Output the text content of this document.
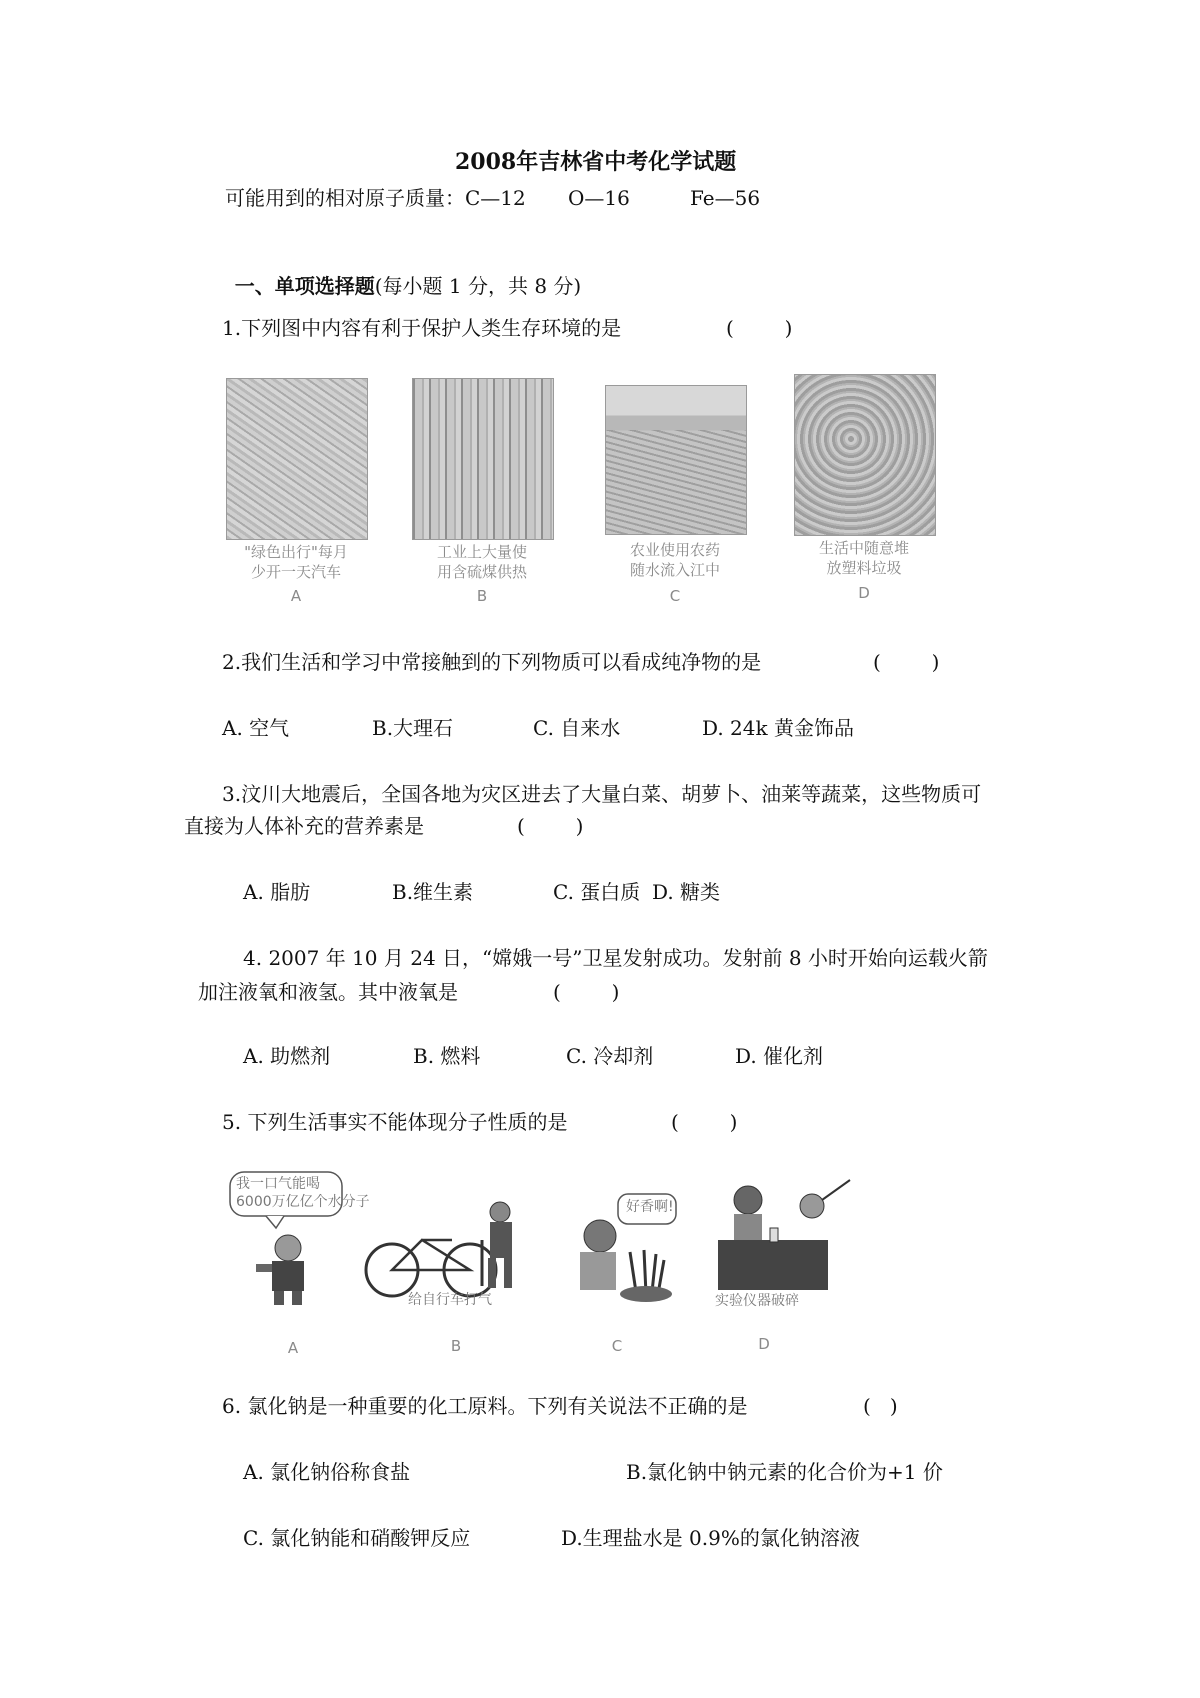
2008年吉林省中考化学试题
可能用到的相对原子质量：C—12 O—16	Fe—56

一、单项选择题(每小题 1 分，共 8 分)

1.下列图中内容有利于保护人类生存环境的是	(        )
"绿色出行"每月
少开一天汽车
工业上大量使
用含硫煤供热
农业使用农药
随水流入江中
生活中随意堆
放塑料垃圾
A	B	C	D
2.我们生活和学习中常接触到的下列物质可以看成纯净物的是	(        )
A. 空气	B.大理石	C. 自来水	D. 24k 黄金饰品
3.汶川大地震后，全国各地为灾区进去了大量白菜、胡萝卜、油莱等蔬菜，这些物质可
直接为人体补充的营养素是	(        )
A. 脂肪	B.维生素	C. 蛋白质 D. 糖类
4. 2007 年 10 月 24 日，“嫦娥一号”卫星发射成功。发射前 8 小时开始向运载火箭
加注液氧和液氢。其中液氧是	(        )
A. 助燃剂	B. 燃料	C. 冷却剂	D. 催化剂
5. 下列生活事实不能体现分子性质的是	(        )
我一口气能喝
6000万亿亿个水分子
给自行车打气
好香啊!
实验仪器破碎
A	B	C	D
6. 氯化钠是一种重要的化工原料。下列有关说法不正确的是	(   )
A. 氯化钠俗称食盐	B.氯化钠中钠元素的化合价为+1 价
C. 氯化钠能和硝酸钾反应	D.生理盐水是 0.9%的氯化钠溶液
